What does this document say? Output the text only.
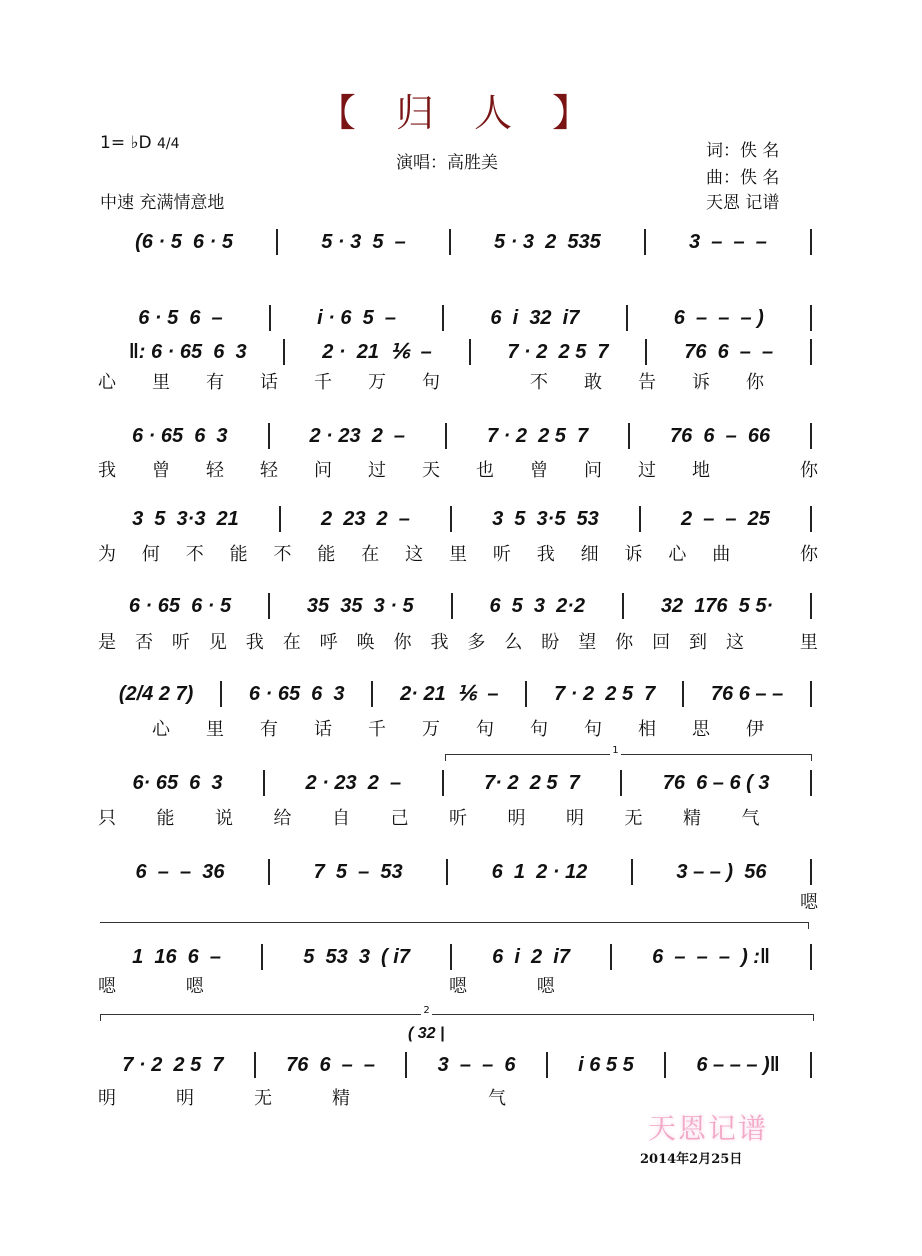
【 归 人 】
1= ♭D 4/4
演唱：高胜美
词：佚 名
曲：佚 名
天恩 记谱
中速 充满情意地
(6 · 5  6 · 5	5 · 3  5  –	5 · 3  2  535	3  –  –  –
6 · 5  6  –	i · 6  5  –	6  i  32  i7	6  –  –  – )
‖: 6 · 65  6  3	2 ·  21  ⅙  –	7 · 2  2 5  7	76  6  –  –
心 里 有 话 千 万 句	不 敢 告 诉 你
6 · 65  6  3	2 · 23  2  –	7 · 2  2 5  7	76  6  –  66
我 曾 轻 轻 问 过 天 也 曾 问 过 地	你
3  5  3·3  21	2  23  2  –	3  5  3·5  53	2  –  –  25
为 何 不 能 不 能 在 这 里 听 我 细 诉 心 曲	你
6 · 65  6 · 5	35  35  3 · 5	6  5  3  2·2	32  176  5 5·
是 否 听 见 我 在 呼 唤 你 我 多 么 盼 望 你 回 到 这	里
(2/4 2 7)	6 · 65  6  3	2· 21  ⅙  –	7 · 2  2 5  7	76 6 – –
心 里 有 话 千 万 句 句 句 相 思 伊
6· 65  6  3	2 · 23  2  –	7· 2  2 5  7	76  6 – 6 ( 3
只 能 说 给 自 己 听 明 明 无 精 气
1
6  –  –  36	7  5  –  53	6  1  2 · 12	3 – – )  56
嗯
1  16  6  –	5  53  3  ( i7	6  i  2  i7	6  –  –  –  ) :‖
嗯	嗯	嗯	嗯
7 · 2  2 5  7	76  6  –  –	3  –  –  6	i 6 5 5	6 – – – )‖
明	明	无	精	气
2
( 32 |
天恩记谱
2014年2月25日
